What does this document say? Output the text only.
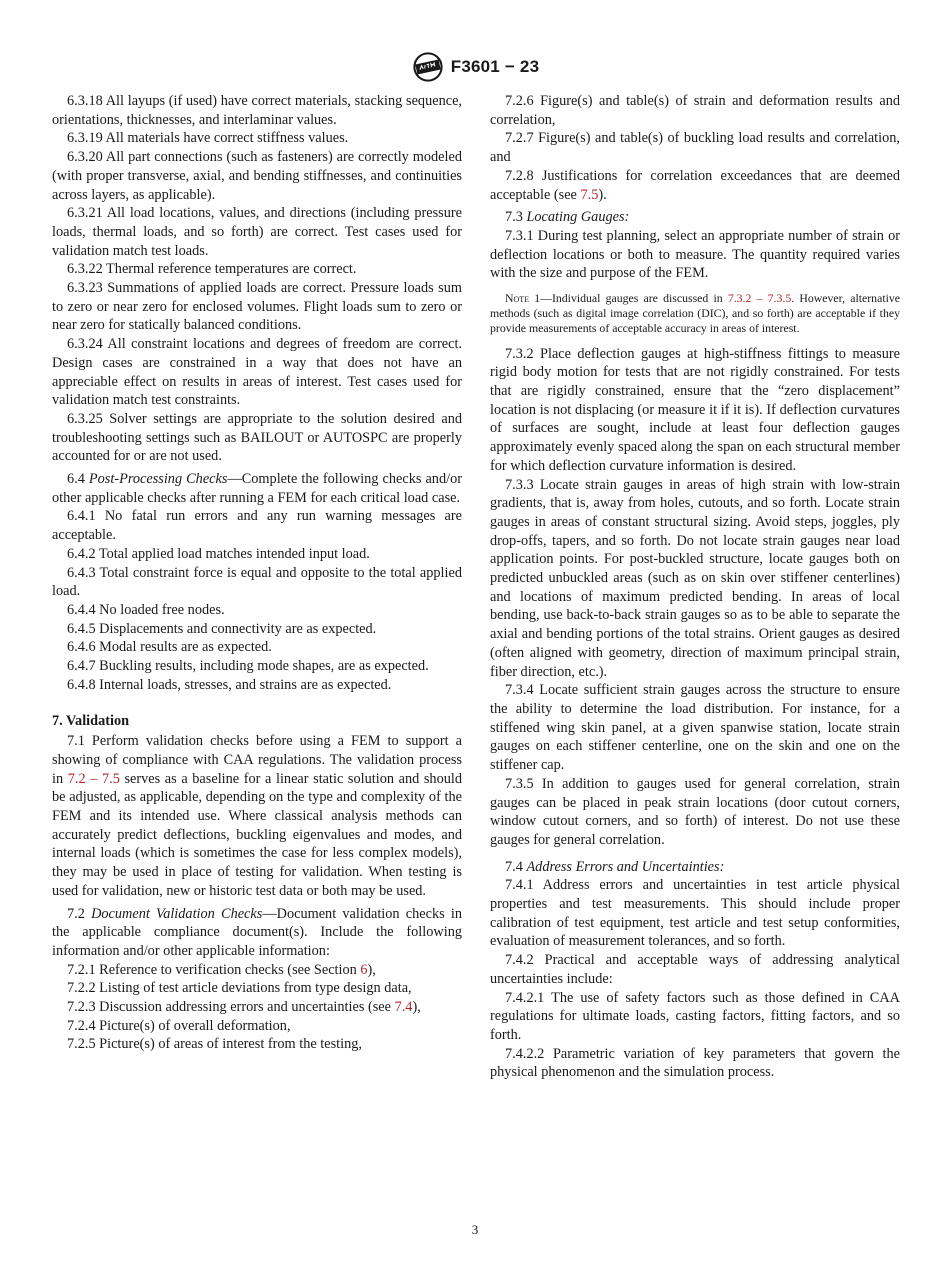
F3601 − 23

6.3.18 All layups (if used) have correct materials, stacking sequence, orientations, thicknesses, and interlaminar values.

6.3.19 All materials have correct stiffness values.

6.3.20 All part connections (such as fasteners) are correctly modeled (with proper transverse, axial, and bending stiffnesses, and continuities across layers, as applicable).

6.3.21 All load locations, values, and directions (including pressure loads, thermal loads, and so forth) are correct. Test cases used for validation match test loads.

6.3.22 Thermal reference temperatures are correct.

6.3.23 Summations of applied loads are correct. Pressure loads sum to zero or near zero for enclosed volumes. Flight loads sum to zero or near zero for statically balanced conditions.

6.3.24 All constraint locations and degrees of freedom are correct. Design cases are constrained in a way that does not have an appreciable effect on results in areas of interest. Test cases used for validation match test constraints.

6.3.25 Solver settings are appropriate to the solution desired and troubleshooting settings such as BAILOUT or AUTOSPC are properly accounted for or are not used.

6.4 Post-Processing Checks—Complete the following checks and/or other applicable checks after running a FEM for each critical load case.

6.4.1 No fatal run errors and any run warning messages are acceptable.

6.4.2 Total applied load matches intended input load.

6.4.3 Total constraint force is equal and opposite to the total applied load.

6.4.4 No loaded free nodes.

6.4.5 Displacements and connectivity are as expected.

6.4.6 Modal results are as expected.

6.4.7 Buckling results, including mode shapes, are as expected.

6.4.8 Internal loads, stresses, and strains are as expected.

7. Validation

7.1 Perform validation checks before using a FEM to support a showing of compliance with CAA regulations. The validation process in 7.2 – 7.5 serves as a baseline for a linear static solution and should be adjusted, as applicable, depending on the type and complexity of the FEM and its intended use. Where classical analysis methods can accurately predict deflections, buckling eigenvalues and modes, and internal loads (which is sometimes the case for less complex models), they may be used in place of testing for validation. When testing is used for validation, new or historic test data or both may be used.

7.2 Document Validation Checks—Document validation checks in the applicable compliance document(s). Include the following information and/or other applicable information:

7.2.1 Reference to verification checks (see Section 6),

7.2.2 Listing of test article deviations from type design data,

7.2.3 Discussion addressing errors and uncertainties (see 7.4),

7.2.4 Picture(s) of overall deformation,

7.2.5 Picture(s) of areas of interest from the testing,

7.2.6 Figure(s) and table(s) of strain and deformation results and correlation,

7.2.7 Figure(s) and table(s) of buckling load results and correlation, and

7.2.8 Justifications for correlation exceedances that are deemed acceptable (see 7.5).

7.3 Locating Gauges:

7.3.1 During test planning, select an appropriate number of strain or deflection locations or both to measure. The quantity required varies with the size and purpose of the FEM.

Note 1—Individual gauges are discussed in 7.3.2 – 7.3.5. However, alternative methods (such as digital image correlation (DIC), and so forth) are acceptable if they provide measurements of acceptable accuracy in areas of interest.

7.3.2 Place deflection gauges at high-stiffness fittings to measure rigid body motion for tests that are not rigidly constrained. For tests that are rigidly constrained, ensure that the “zero displacement” location is not displacing (or measure it if it is). If deflection curvatures of surfaces are sought, include at least four deflection gauges approximately evenly spaced along the span on each structural member for which deflection curvature information is desired.

7.3.3 Locate strain gauges in areas of high strain with low-strain gradients, that is, away from holes, cutouts, and so forth. Locate strain gauges in areas of constant structural sizing. Avoid steps, joggles, ply drop-offs, tapers, and so forth. Do not locate strain gauges near load application points. For post-buckled structure, locate gauges both on predicted unbuckled areas (such as on skin over stiffener centerlines) and locations of maximum predicted bending. In areas of local bending, use back-to-back strain gauges so as to be able to separate the axial and bending portions of the total strains. Orient gauges as desired (often aligned with geometry, direction of maximum principal strain, fiber direction, etc.).

7.3.4 Locate sufficient strain gauges across the structure to ensure the ability to determine the load distribution. For instance, for a stiffened wing skin panel, at a given spanwise station, locate strain gauges on each stiffener centerline, one on the skin and one on the stiffener cap.

7.3.5 In addition to gauges used for general correlation, strain gauges can be placed in peak strain locations (door cutout corners, window cutout corners, and so forth) of interest. Do not use these gauges for general correlation.

7.4 Address Errors and Uncertainties:

7.4.1 Address errors and uncertainties in test article physical properties and test measurements. This should include proper calibration of test equipment, test article and test setup conformities, evaluation of measurement tolerances, and so forth.

7.4.2 Practical and acceptable ways of addressing analytical uncertainties include:

7.4.2.1 The use of safety factors such as those defined in CAA regulations for ultimate loads, casting factors, fitting factors, and so forth.

7.4.2.2 Parametric variation of key parameters that govern the physical phenomenon and the simulation process.

3
